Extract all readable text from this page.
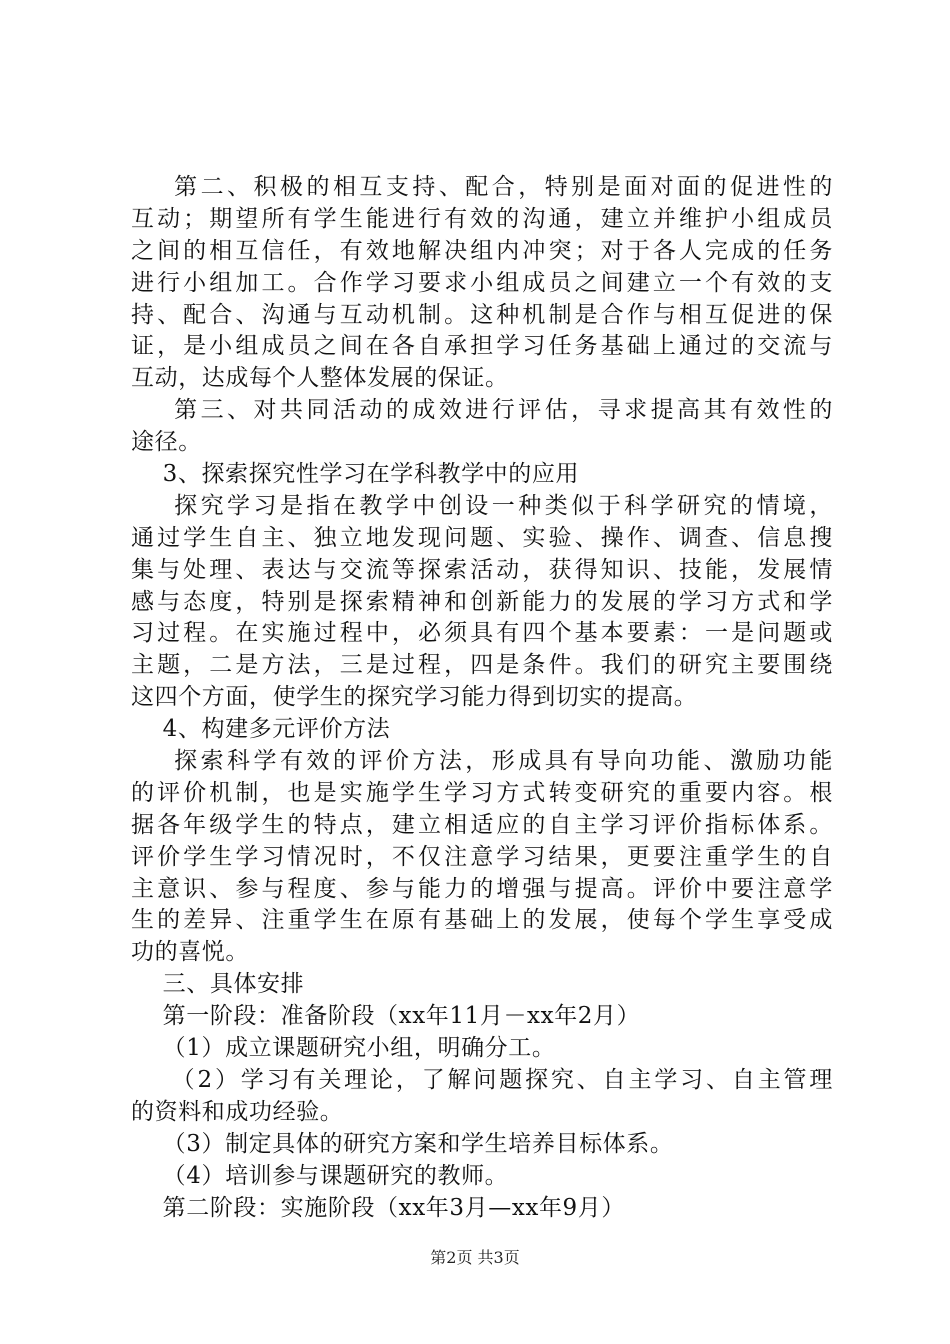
第二、积极的相互支持、配合，特别是面对面的促进性的
互动；期望所有学生能进行有效的沟通，建立并维护小组成员
之间的相互信任，有效地解决组内冲突；对于各人完成的任务
进行小组加工。合作学习要求小组成员之间建立一个有效的支
持、配合、沟通与互动机制。这种机制是合作与相互促进的保
证，是小组成员之间在各自承担学习任务基础上通过的交流与
互动，达成每个人整体发展的保证。
第三、对共同活动的成效进行评估，寻求提高其有效性的
途径。
3、探索探究性学习在学科教学中的应用
探究学习是指在教学中创设一种类似于科学研究的情境，
通过学生自主、独立地发现问题、实验、操作、调查、信息搜
集与处理、表达与交流等探索活动，获得知识、技能，发展情
感与态度，特别是探索精神和创新能力的发展的学习方式和学
习过程。在实施过程中，必须具有四个基本要素：一是问题或
主题，二是方法，三是过程，四是条件。我们的研究主要围绕
这四个方面，使学生的探究学习能力得到切实的提高。
4、构建多元评价方法
探索科学有效的评价方法，形成具有导向功能、激励功能
的评价机制，也是实施学生学习方式转变研究的重要内容。根
据各年级学生的特点，建立相适应的自主学习评价指标体系。
评价学生学习情况时，不仅注意学习结果，更要注重学生的自
主意识、参与程度、参与能力的增强与提高。评价中要注意学
生的差异、注重学生在原有基础上的发展，使每个学生享受成
功的喜悦。
三、具体安排
第一阶段：准备阶段（xx年11月－xx年2月）
（1）成立课题研究小组，明确分工。
（2）学习有关理论，了解问题探究、自主学习、自主管理
的资料和成功经验。
（3）制定具体的研究方案和学生培养目标体系。
（4）培训参与课题研究的教师。
第二阶段：实施阶段（xx年3月—xx年9月）
第2页 共3页
